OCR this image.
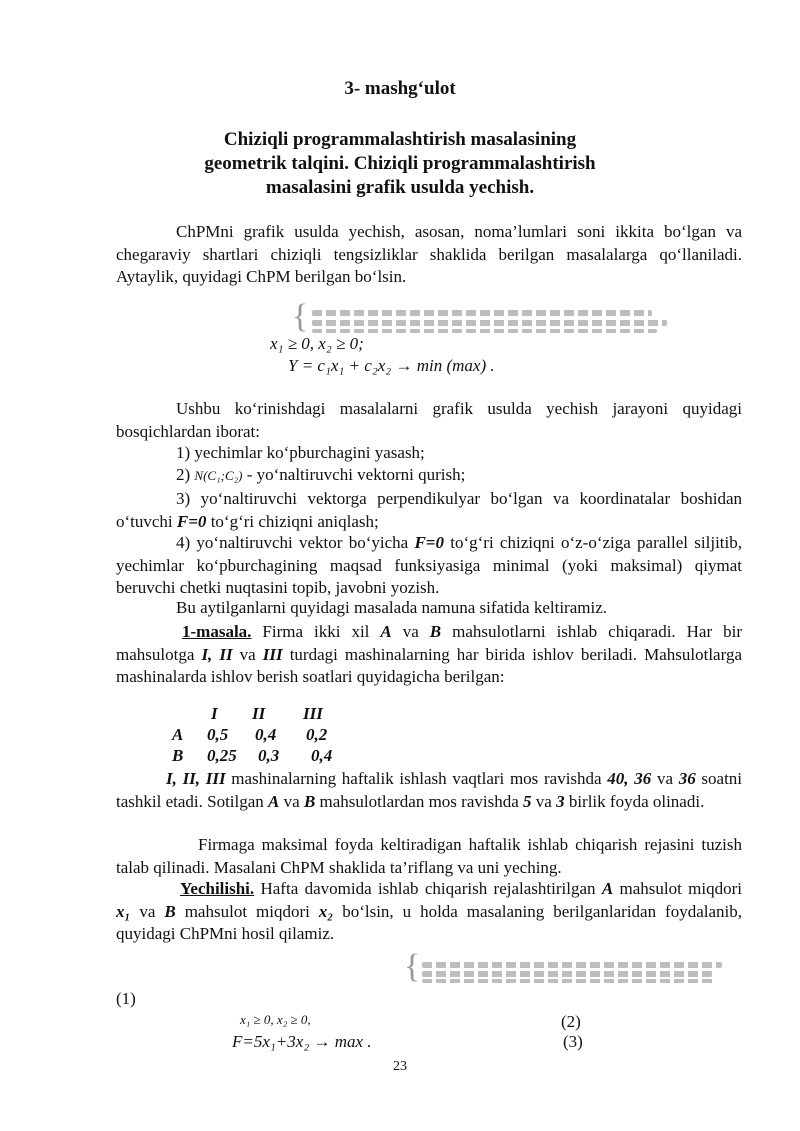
3- mashg‘ulot
Chiziqli programmalashtirish masalasining
geometrik talqini. Chiziqli programmalashtirish
masalasini grafik usulda yechish.
ChPMni grafik usulda yechish, asosan, noma’lumlari soni ikkita bo‘lgan va chegaraviy shartlari chiziqli tengsizliklar shaklida berilgan masalalarga qo‘llaniladi. Aytaylik, quyidagi ChPM berilgan bo‘lsin.
{
x₁ ≥ 0, x₂ ≥ 0;
Y = c₁x₁ + c₂x₂ → min (max) .
Ushbu ko‘rinishdagi masalalarni grafik usulda yechish jarayoni quyidagi bosqichlardan iborat:
1) yechimlar ko‘pburchagini yasash;
2) N(C₁;C₂) - yo‘naltiruvchi vektorni qurish;
3) yo‘naltiruvchi vektorga perpendikulyar bo‘lgan va koordinatalar boshidan o‘tuvchi F=0 to‘g‘ri chiziqni aniqlash;
4) yo‘naltiruvchi vektor bo‘yicha F=0 to‘g‘ri chiziqni o‘z-o‘ziga parallel siljitib, yechimlar ko‘pburchagining maqsad funksiyasiga minimal (yoki maksimal) qiymat beruvchi chetki nuqtasini topib, javobni yozish.
Bu aytilganlarni quyidagi masalada namuna sifatida keltiramiz.
1-masala. Firma ikki xil A va B mahsulotlarni ishlab chiqaradi. Har bir mahsulotga I, II va III turdagi mashinalarning har birida ishlov beriladi. Mahsulotlarga mashinalarda ishlov berish soatlari quyidagicha berilgan:
I II III
A 0,5 0,4 0,2
B 0,25 0,3 0,4
I, II, III mashinalarning haftalik ishlash vaqtlari mos ravishda 40, 36 va 36 soatni tashkil etadi. Sotilgan A va B mahsulotlardan mos ravishda 5 va 3 birlik foyda olinadi.
Firmaga maksimal foyda keltiradigan haftalik ishlab chiqarish rejasini tuzish talab qilinadi. Masalani ChPM shaklida ta’riflang va uni yeching.
Yechilishi. Hafta davomida ishlab chiqarish rejalashtirilgan A mahsulot miqdori x₁ va B mahsulot miqdori x₂ bo‘lsin, u holda masalaning berilganlaridan foydalanib, quyidagi ChPMni hosil qilamiz.
{
(1)
x₁ ≥ 0, x₂ ≥ 0,	(2)
F=5x₁+3x₂ → max .	(3)
23
